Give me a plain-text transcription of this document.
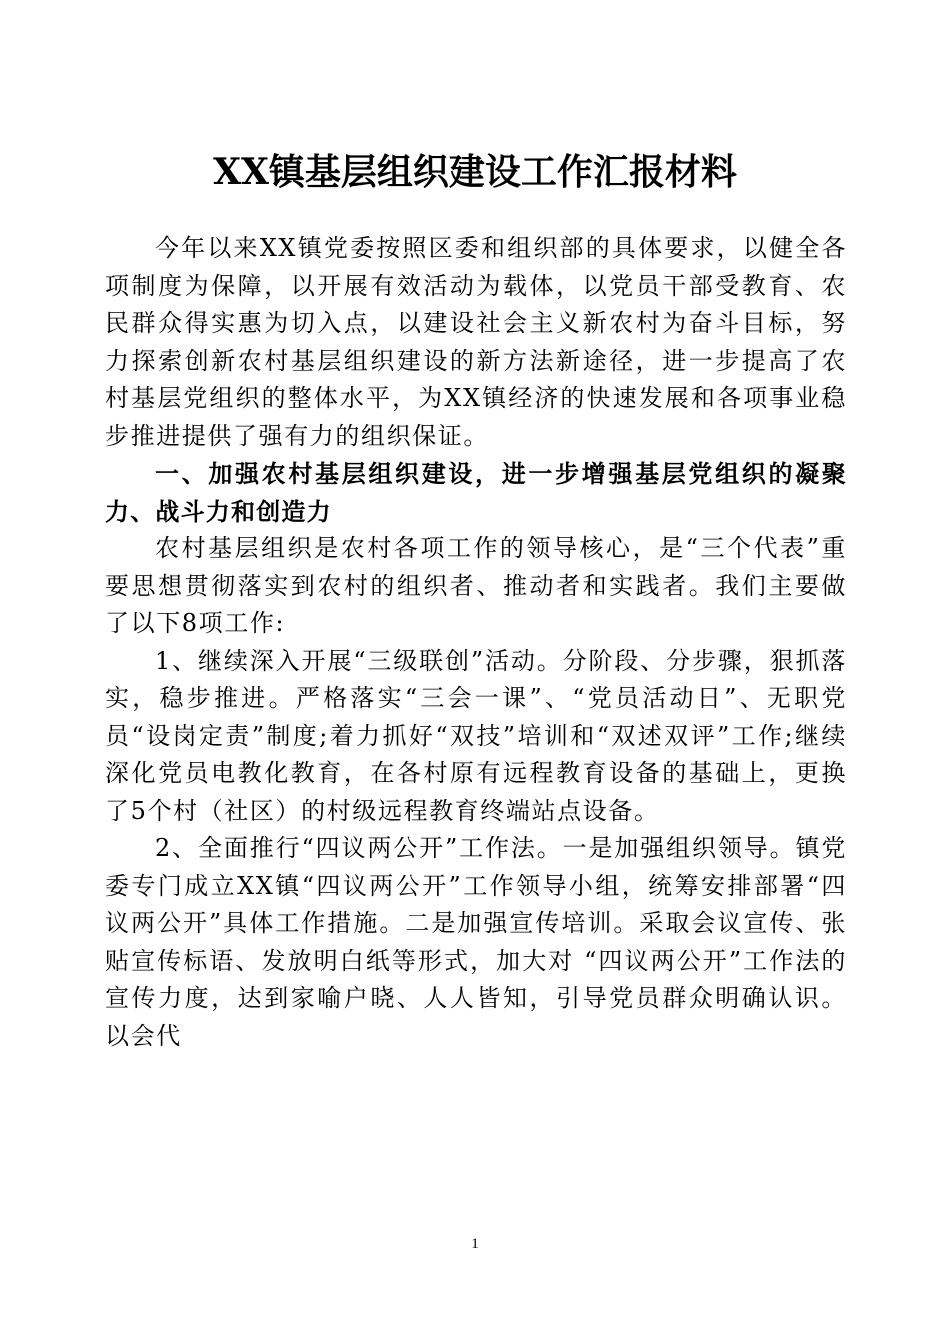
XX镇基层组织建设工作汇报材料

今年以来XX镇党委按照区委和组织部的具体要求，以健全各项制度为保障，以开展有效活动为载体，以党员干部受教育、农民群众得实惠为切入点，以建设社会主义新农村为奋斗目标，努力探索创新农村基层组织建设的新方法新途径，进一步提高了农村基层党组织的整体水平，为XX镇经济的快速发展和各项事业稳步推进提供了强有力的组织保证。

一、加强农村基层组织建设，进一步增强基层党组织的凝聚力、战斗力和创造力

农村基层组织是农村各项工作的领导核心，是“三个代表”重要思想贯彻落实到农村的组织者、推动者和实践者。我们主要做了以下8项工作:

1、继续深入开展“三级联创”活动。分阶段、分步骤，狠抓落实，稳步推进。严格落实“三会一课”、“党员活动日”、无职党员“设岗定责”制度;着力抓好“双技”培训和“双述双评”工作;继续深化党员电教化教育，在各村原有远程教育设备的基础上，更换了5个村（社区）的村级远程教育终端站点设备。

2、全面推行“四议两公开”工作法。一是加强组织领导。镇党委专门成立XX镇“四议两公开”工作领导小组，统筹安排部署“四议两公开”具体工作措施。二是加强宣传培训。采取会议宣传、张贴宣传标语、发放明白纸等形式，加大对 “四议两公开”工作法的宣传力度，达到家喻户晓、人人皆知，引导党员群众明确认识。以会代

1
